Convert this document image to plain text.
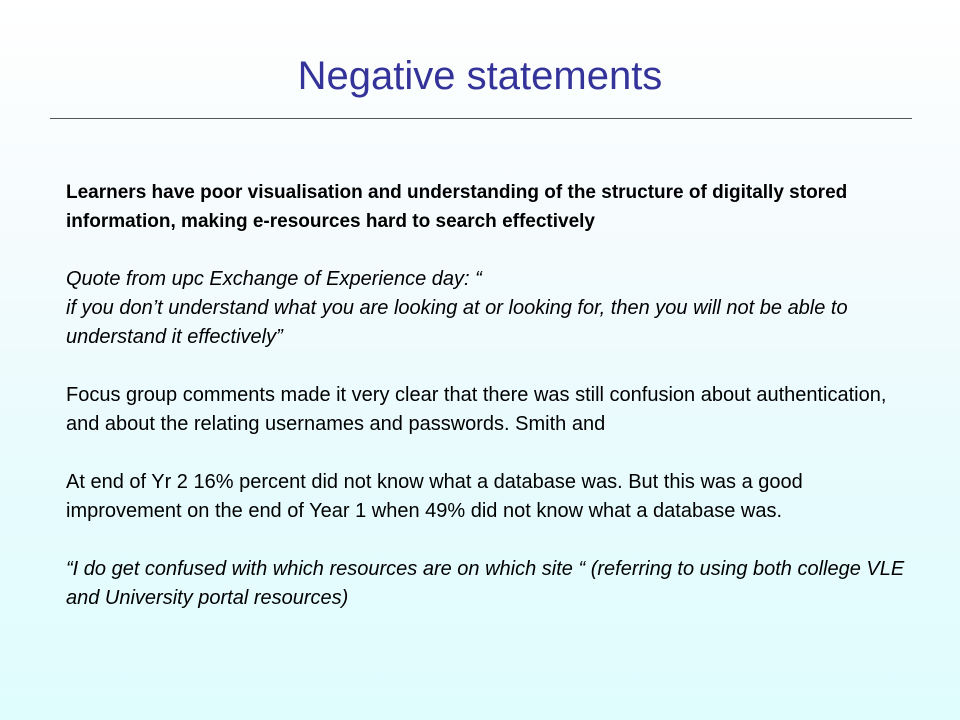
Negative statements

Learners have poor visualisation and understanding of the structure of digitally stored information, making e-resources hard to search effectively

Quote from upc Exchange of Experience day: “

if you don’t understand what you are looking at or looking for, then you will not be able to understand it effectively”

Focus group comments made it very clear that there was still confusion about authentication, and about the relating usernames and passwords. Smith and

At end of Yr 2 16% percent did not know what a database was. But this was a good improvement on the end of Year 1 when 49% did not know what a database was.

“I do get confused with which resources are on which site “ (referring to using both college VLE and University portal resources)
